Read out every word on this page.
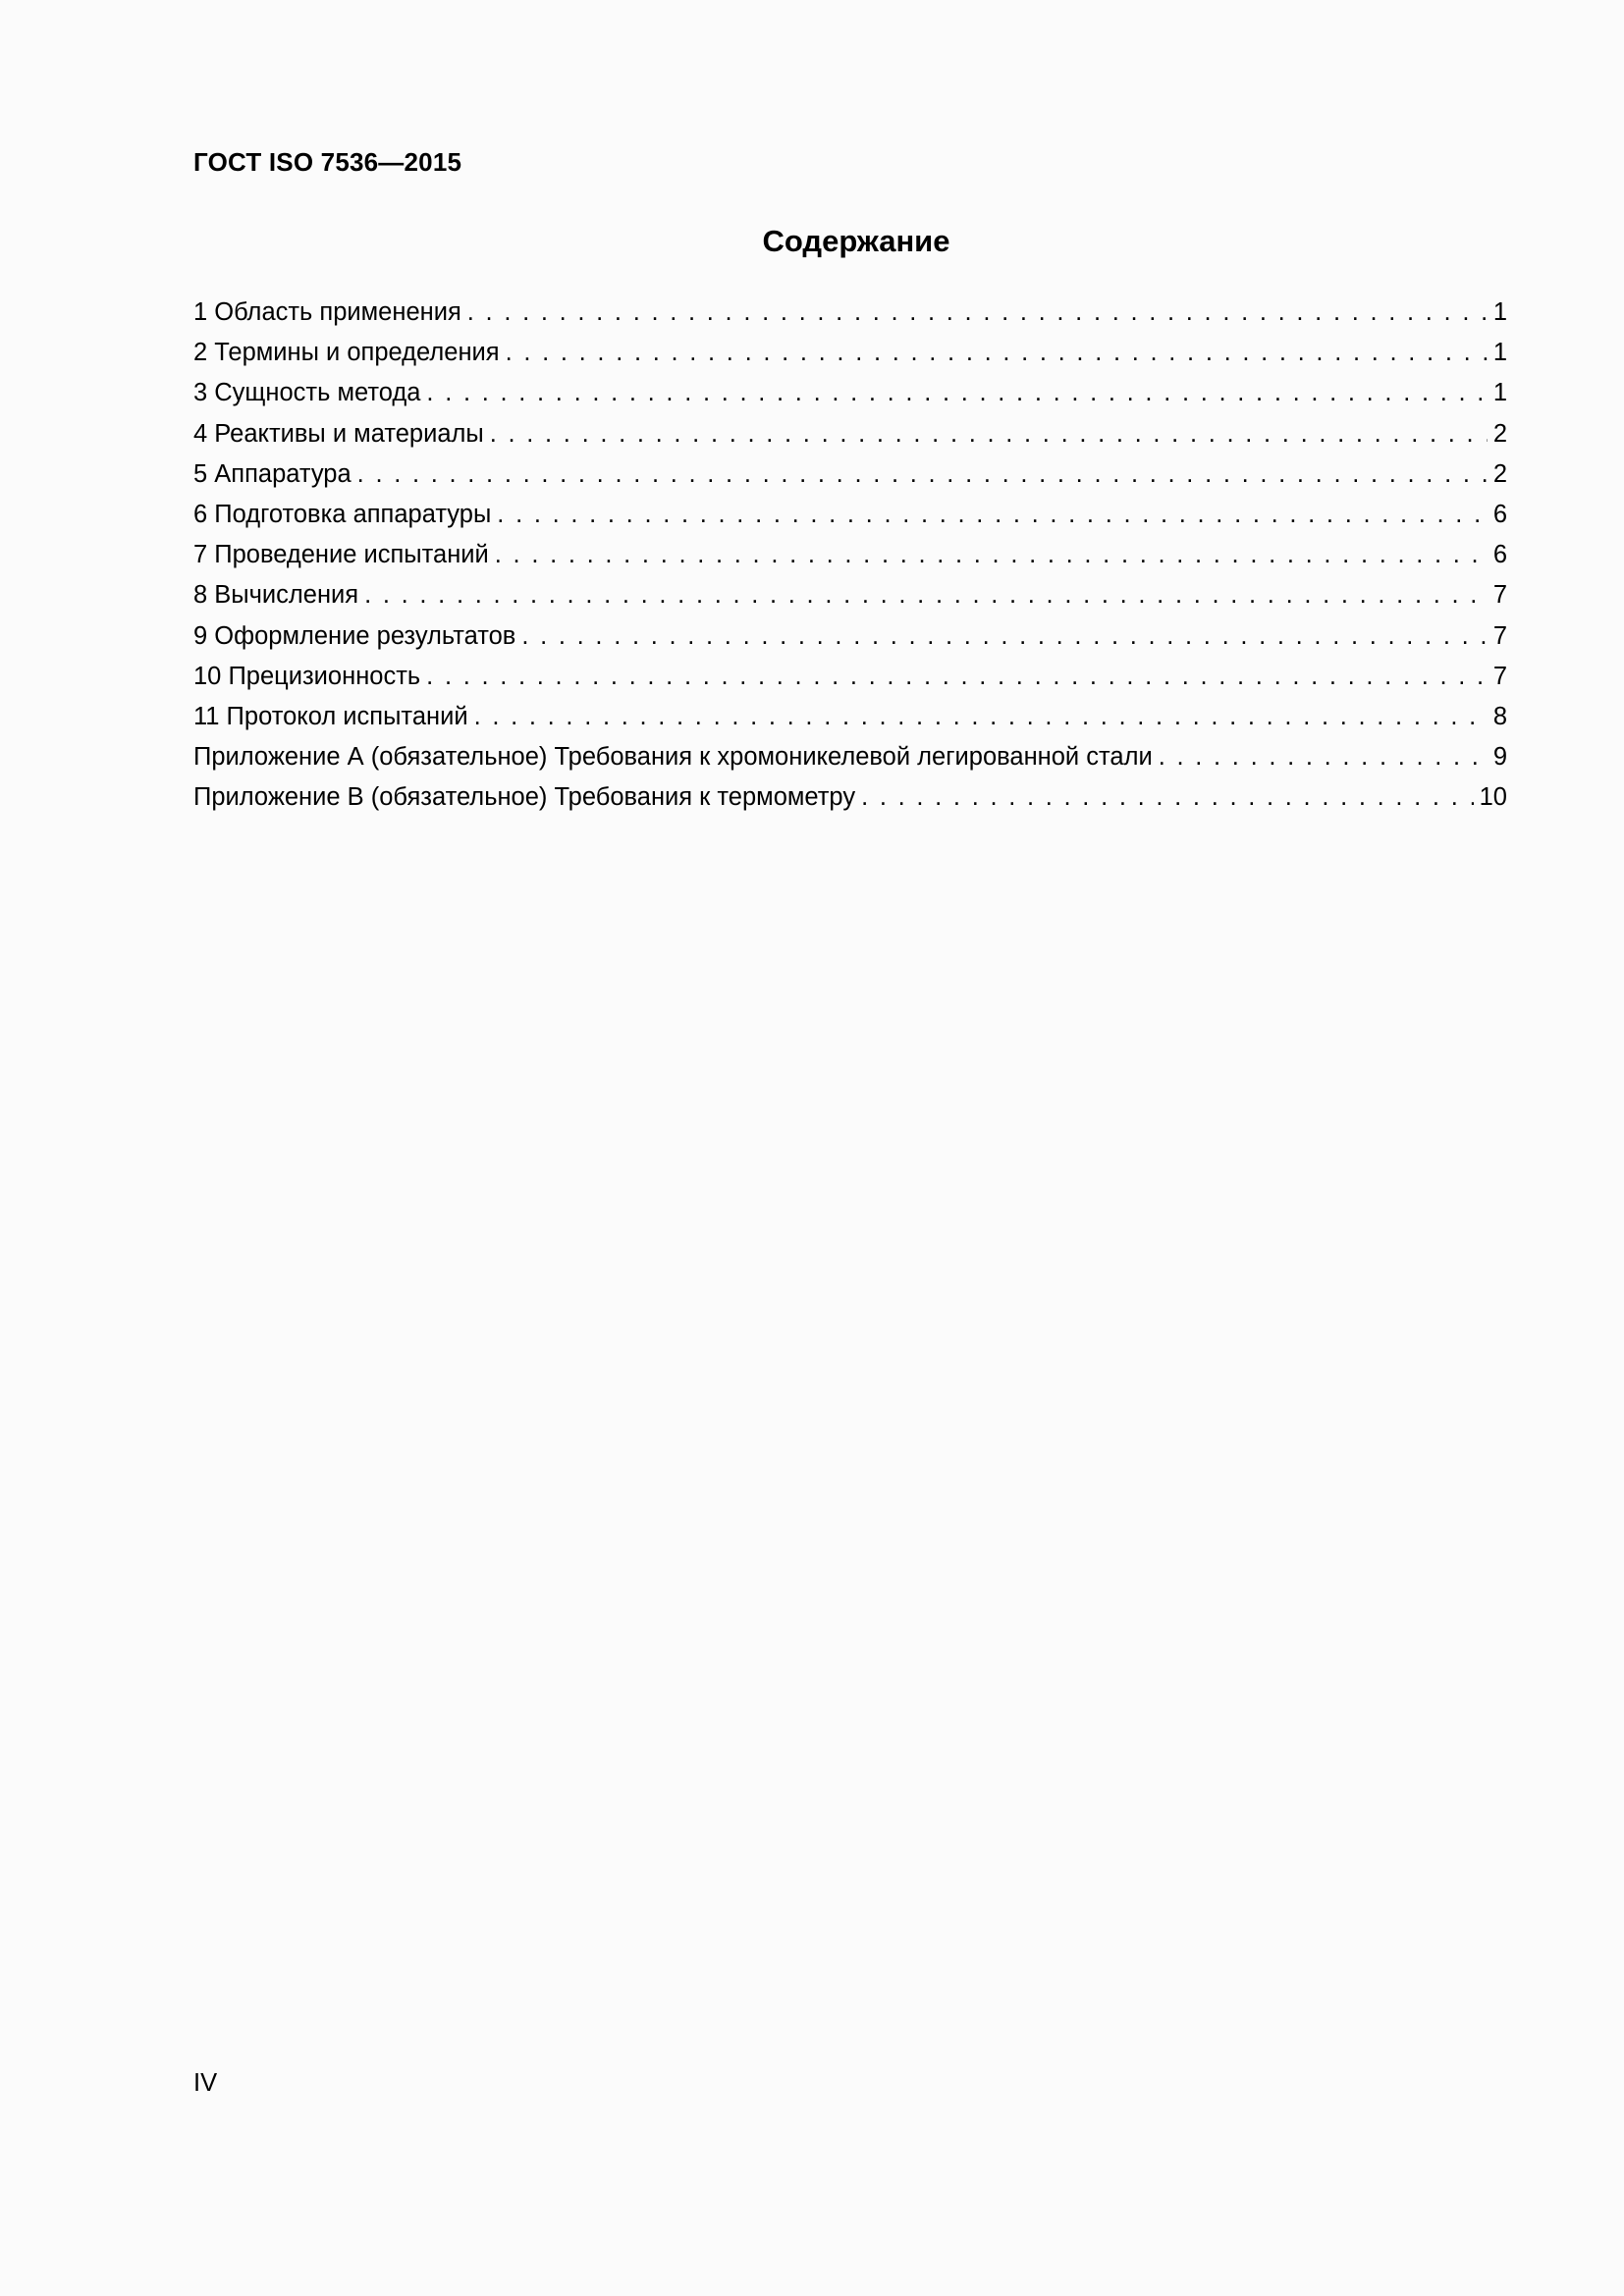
ГОСТ ISO 7536—2015
Содержание
1 Область применения . . .	1
2 Термины и определения . . .	1
3 Сущность метода . . .	1
4 Реактивы и материалы . . .	2
5 Аппаратура . . .	2
6 Подготовка аппаратуры . . .	6
7 Проведение испытаний . . .	6
8 Вычисления . . .	7
9 Оформление результатов . . .	7
10 Прецизионность . . .	7
11 Протокол испытаний . . .	8
Приложение А (обязательное) Требования к хромоникелевой легированной стали . . .	9
Приложение В (обязательное) Требования к термометру . . .	10
IV
